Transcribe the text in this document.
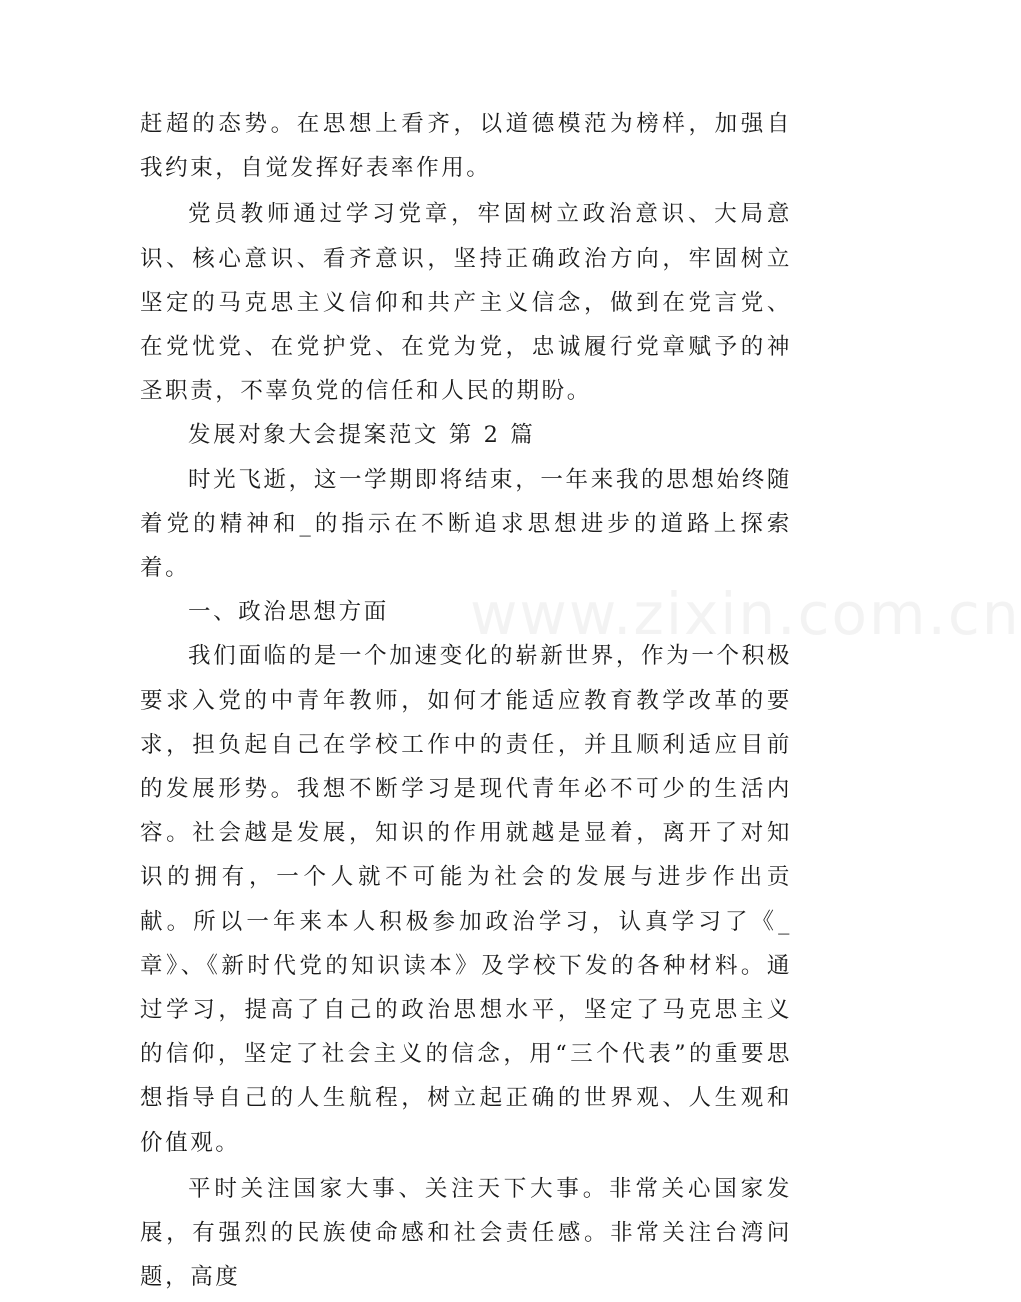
赶超的态势。在思想上看齐，以道德模范为榜样，加强自我约束，自觉发挥好表率作用。

党员教师通过学习党章，牢固树立政治意识、大局意识、核心意识、看齐意识，坚持正确政治方向，牢固树立坚定的马克思主义信仰和共产主义信念，做到在党言党、在党忧党、在党护党、在党为党，忠诚履行党章赋予的神圣职责，不辜负党的信任和人民的期盼。

发展对象大会提案范文 第 2 篇

时光飞逝，这一学期即将结束，一年来我的思想始终随着党的精神和_的指示在不断追求思想进步的道路上探索着。

一、政治思想方面

我们面临的是一个加速变化的崭新世界，作为一个积极要求入党的中青年教师，如何才能适应教育教学改革的要求，担负起自己在学校工作中的责任，并且顺利适应目前的发展形势。我想不断学习是现代青年必不可少的生活内容。社会越是发展，知识的作用就越是显着，离开了对知识的拥有，一个人就不可能为社会的发展与进步作出贡献。所以一年来本人积极参加政治学习，认真学习了《_章》、《新时代党的知识读本》及学校下发的各种材料。通过学习，提高了自己的政治思想水平，坚定了马克思主义的信仰，坚定了社会主义的信念，用“三个代表”的重要思想指导自己的人生航程，树立起正确的世界观、人生观和价值观。

平时关注国家大事、关注天下大事。非常关心国家发展，有强烈的民族使命感和社会责任感。非常关注台湾问题，高度

www.zixin.com.cn
